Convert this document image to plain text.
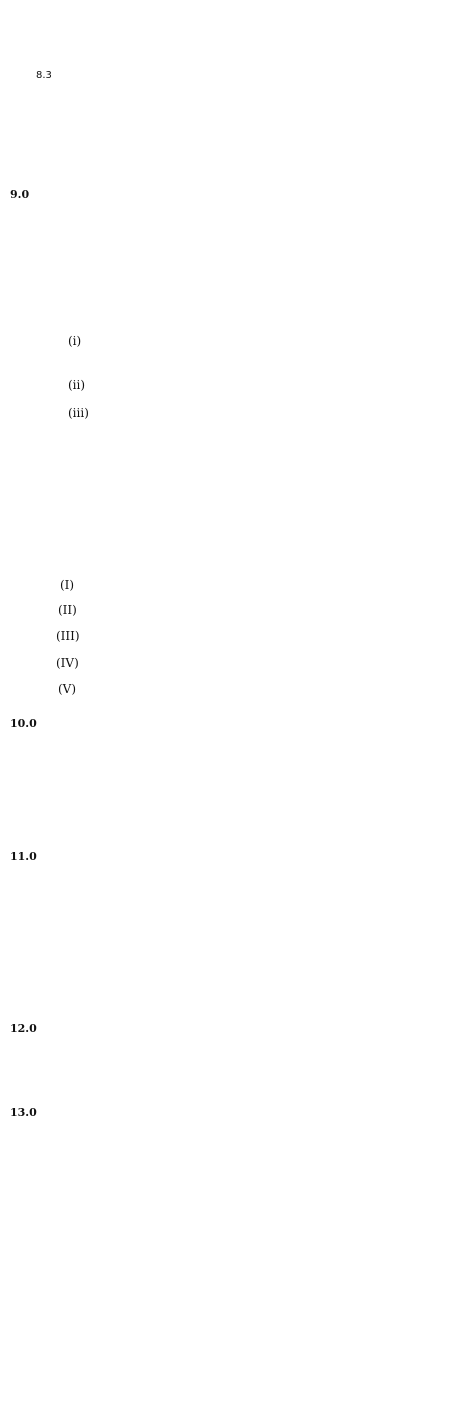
8.3
9.0
(i)
(ii)
(iii)
(I)
(II)
(III)
(IV)
(V)
10.0
11.0
12.0
13.0
